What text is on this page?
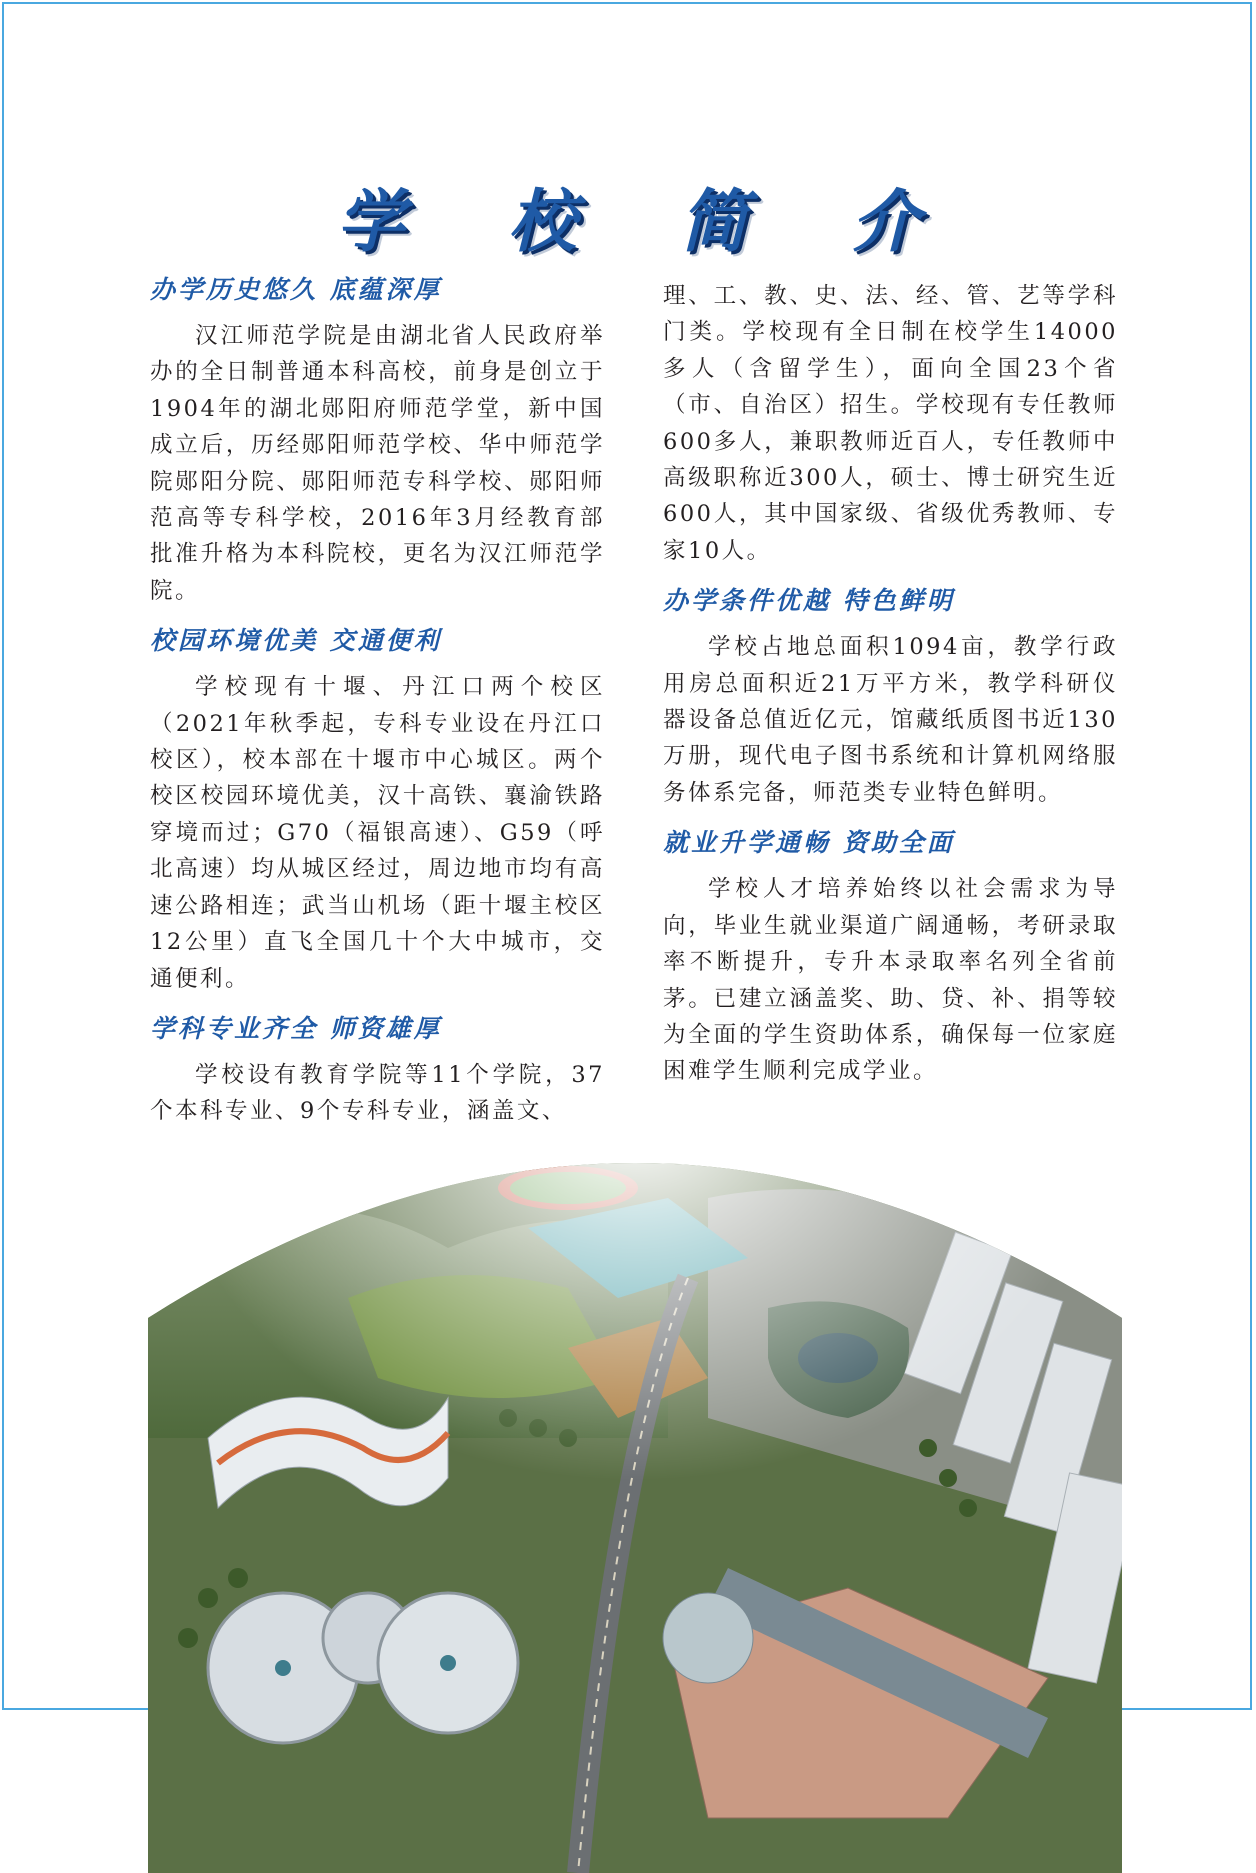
学 校 简 介
办学历史悠久 底蕴深厚

汉江师范学院是由湖北省人民政府举办的全日制普通本科高校，前身是创立于1904年的湖北郧阳府师范学堂，新中国成立后，历经郧阳师范学校、华中师范学院郧阳分院、郧阳师范专科学校、郧阳师范高等专科学校，2016年3月经教育部批准升格为本科院校，更名为汉江师范学院。

校园环境优美 交通便利

学校现有十堰、丹江口两个校区（2021年秋季起，专科专业设在丹江口校区），校本部在十堰市中心城区。两个校区校园环境优美，汉十高铁、襄渝铁路穿境而过；G70（福银高速）、G59（呼北高速）均从城区经过，周边地市均有高速公路相连；武当山机场（距十堰主校区12公里）直飞全国几十个大中城市，交通便利。

学科专业齐全 师资雄厚

学校设有教育学院等11个学院，37个本科专业、9个专科专业，涵盖文、

理、工、教、史、法、经、管、艺等学科门类。学校现有全日制在校学生14000多人（含留学生），面向全国23个省（市、自治区）招生。学校现有专任教师600多人，兼职教师近百人，专任教师中高级职称近300人，硕士、博士研究生近600人，其中国家级、省级优秀教师、专家10人。

办学条件优越 特色鲜明

学校占地总面积1094亩，教学行政用房总面积近21万平方米，教学科研仪器设备总值近亿元，馆藏纸质图书近130万册，现代电子图书系统和计算机网络服务体系完备，师范类专业特色鲜明。

就业升学通畅 资助全面

学校人才培养始终以社会需求为导向，毕业生就业渠道广阔通畅，考研录取率不断提升，专升本录取率名列全省前茅。已建立涵盖奖、助、贷、补、捐等较为全面的学生资助体系，确保每一位家庭困难学生顺利完成学业。
